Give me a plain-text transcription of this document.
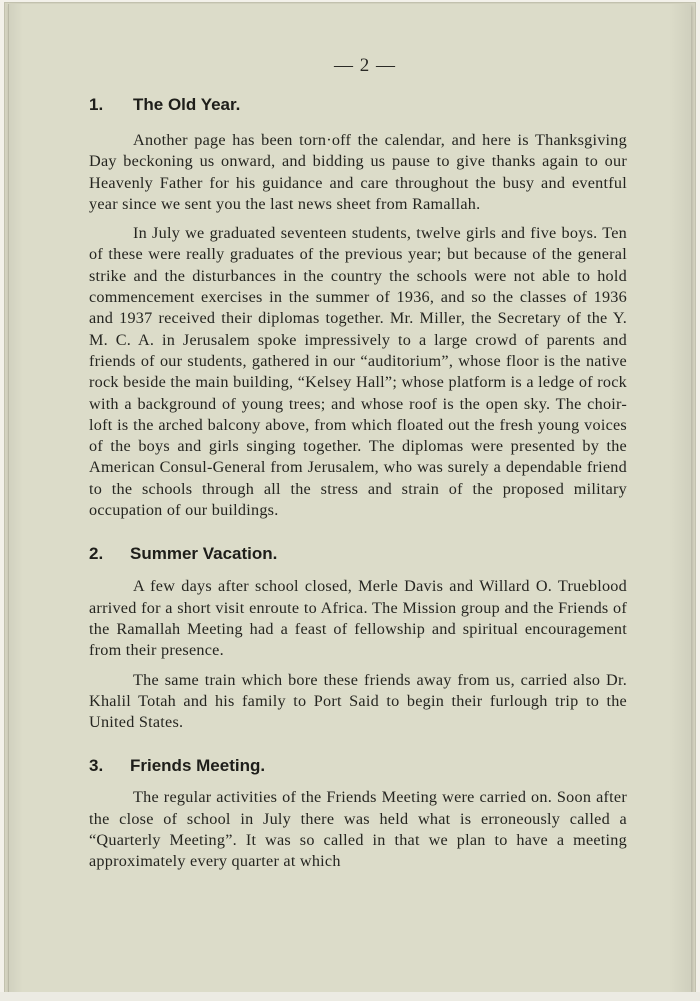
— 2 —
1. The Old Year.

Another page has been torn·off the calendar, and here is Thanksgiving Day beckoning us onward, and bidding us pause to give thanks again to our Heavenly Father for his guidance and care throughout the busy and eventful year since we sent you the last news sheet from Ramallah.

In July we graduated seventeen students, twelve girls and five boys. Ten of these were really graduates of the previous year; but because of the general strike and the disturbances in the country the schools were not able to hold commencement exercises in the summer of 1936, and so the classes of 1936 and 1937 received their diplomas together. Mr. Miller, the Secretary of the Y. M. C. A. in Jerusalem spoke impressively to a large crowd of parents and friends of our students, gathered in our “auditorium”, whose floor is the native rock beside the main building, “Kelsey Hall”; whose platform is a ledge of rock with a background of young trees; and whose roof is the open sky. The choir-loft is the arched balcony above, from which floated out the fresh young voices of the boys and girls singing together. The diplomas were presented by the American Consul-General from Jerusalem, who was surely a dependable friend to the schools through all the stress and strain of the proposed military occupation of our buildings.

2. Summer Vacation.

A few days after school closed, Merle Davis and Willard O. Trueblood arrived for a short visit enroute to Africa. The Mission group and the Friends of the Ramallah Meeting had a feast of fellowship and spiritual encouragement from their presence.

The same train which bore these friends away from us, carried also Dr. Khalil Totah and his family to Port Said to begin their furlough trip to the United States.

3. Friends Meeting.

The regular activities of the Friends Meeting were carried on. Soon after the close of school in July there was held what is erroneously called a “Quarterly Meeting”. It was so called in that we plan to have a meeting approximately every quarter at which
